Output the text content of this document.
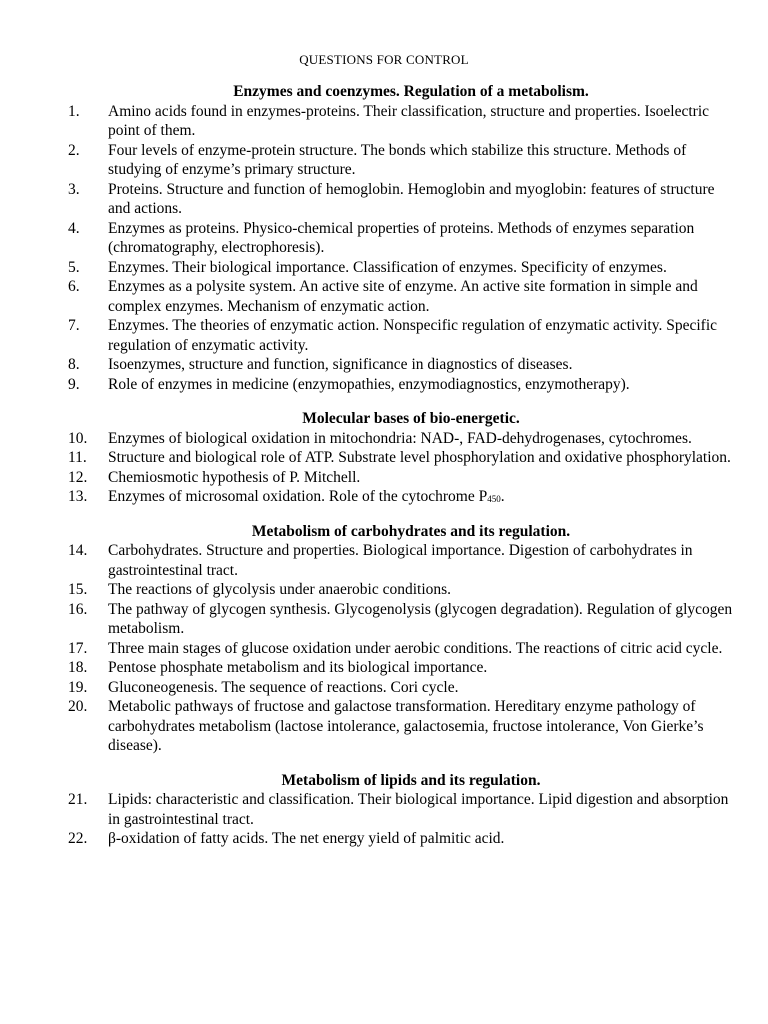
QUESTIONS FOR CONTROL
Enzymes and coenzymes. Regulation of a metabolism.
1.	Amino acids found in enzymes-proteins. Their classification, structure and properties. Isoelectric point of them.
2.	Four levels of enzyme-protein structure. The bonds which stabilize this structure. Methods of studying of enzyme’s primary structure.
3.	Proteins. Structure and function of hemoglobin. Hemoglobin and myoglobin: features of structure and actions.
4.	Enzymes as proteins. Physico-chemical properties of proteins. Methods of enzymes separation (chromatography, electrophoresis).
5.	Enzymes. Their biological importance. Classification of enzymes. Specificity of enzymes.
6.	Enzymes as a polysite system. An active site of enzyme. An active site formation in simple and complex enzymes. Mechanism of enzymatic action.
7.	Enzymes. The theories of enzymatic action. Nonspecific regulation of enzymatic activity. Specific regulation of enzymatic activity.
8.	Isoenzymes, structure and function, significance in diagnostics of diseases.
9.	Role of enzymes in medicine (enzymopathies, enzymodiagnostics, enzymotherapy).
Molecular bases of bio-energetic.
10.	Enzymes of biological oxidation in mitochondria: NAD-, FAD-dehydrogenases, cytochromes.
11.	Structure and biological role of ATP. Substrate level phosphorylation and oxidative phosphorylation.
12.	Chemiosmotic hypothesis of P. Mitchell.
13.	Enzymes of microsomal oxidation. Role of the cytochrome $P_{450}$.
Metabolism of carbohydrates and its regulation.
14.	Carbohydrates. Structure and properties. Biological importance. Digestion of carbohydrates in gastrointestinal tract.
15.	The reactions of glycolysis under anaerobic conditions.
16.	The pathway of glycogen synthesis. Glycogenolysis (glycogen degradation). Regulation of glycogen metabolism.
17.	Three main stages of glucose oxidation under aerobic conditions. The reactions of citric acid cycle.
18.	Pentose phosphate metabolism and its biological importance.
19.	Gluconeogenesis. The sequence of reactions. Cori cycle.
20.	Metabolic pathways of fructose and galactose transformation. Hereditary enzyme pathology of carbohydrates metabolism (lactose intolerance, galactosemia, fructose intolerance, Von Gierke’s disease).
Metabolism of lipids and its regulation.
21.	Lipids: characteristic and classification. Their biological importance. Lipid digestion and absorption in gastrointestinal tract.
22.	β-oxidation of fatty acids. The net energy yield of palmitic acid.
